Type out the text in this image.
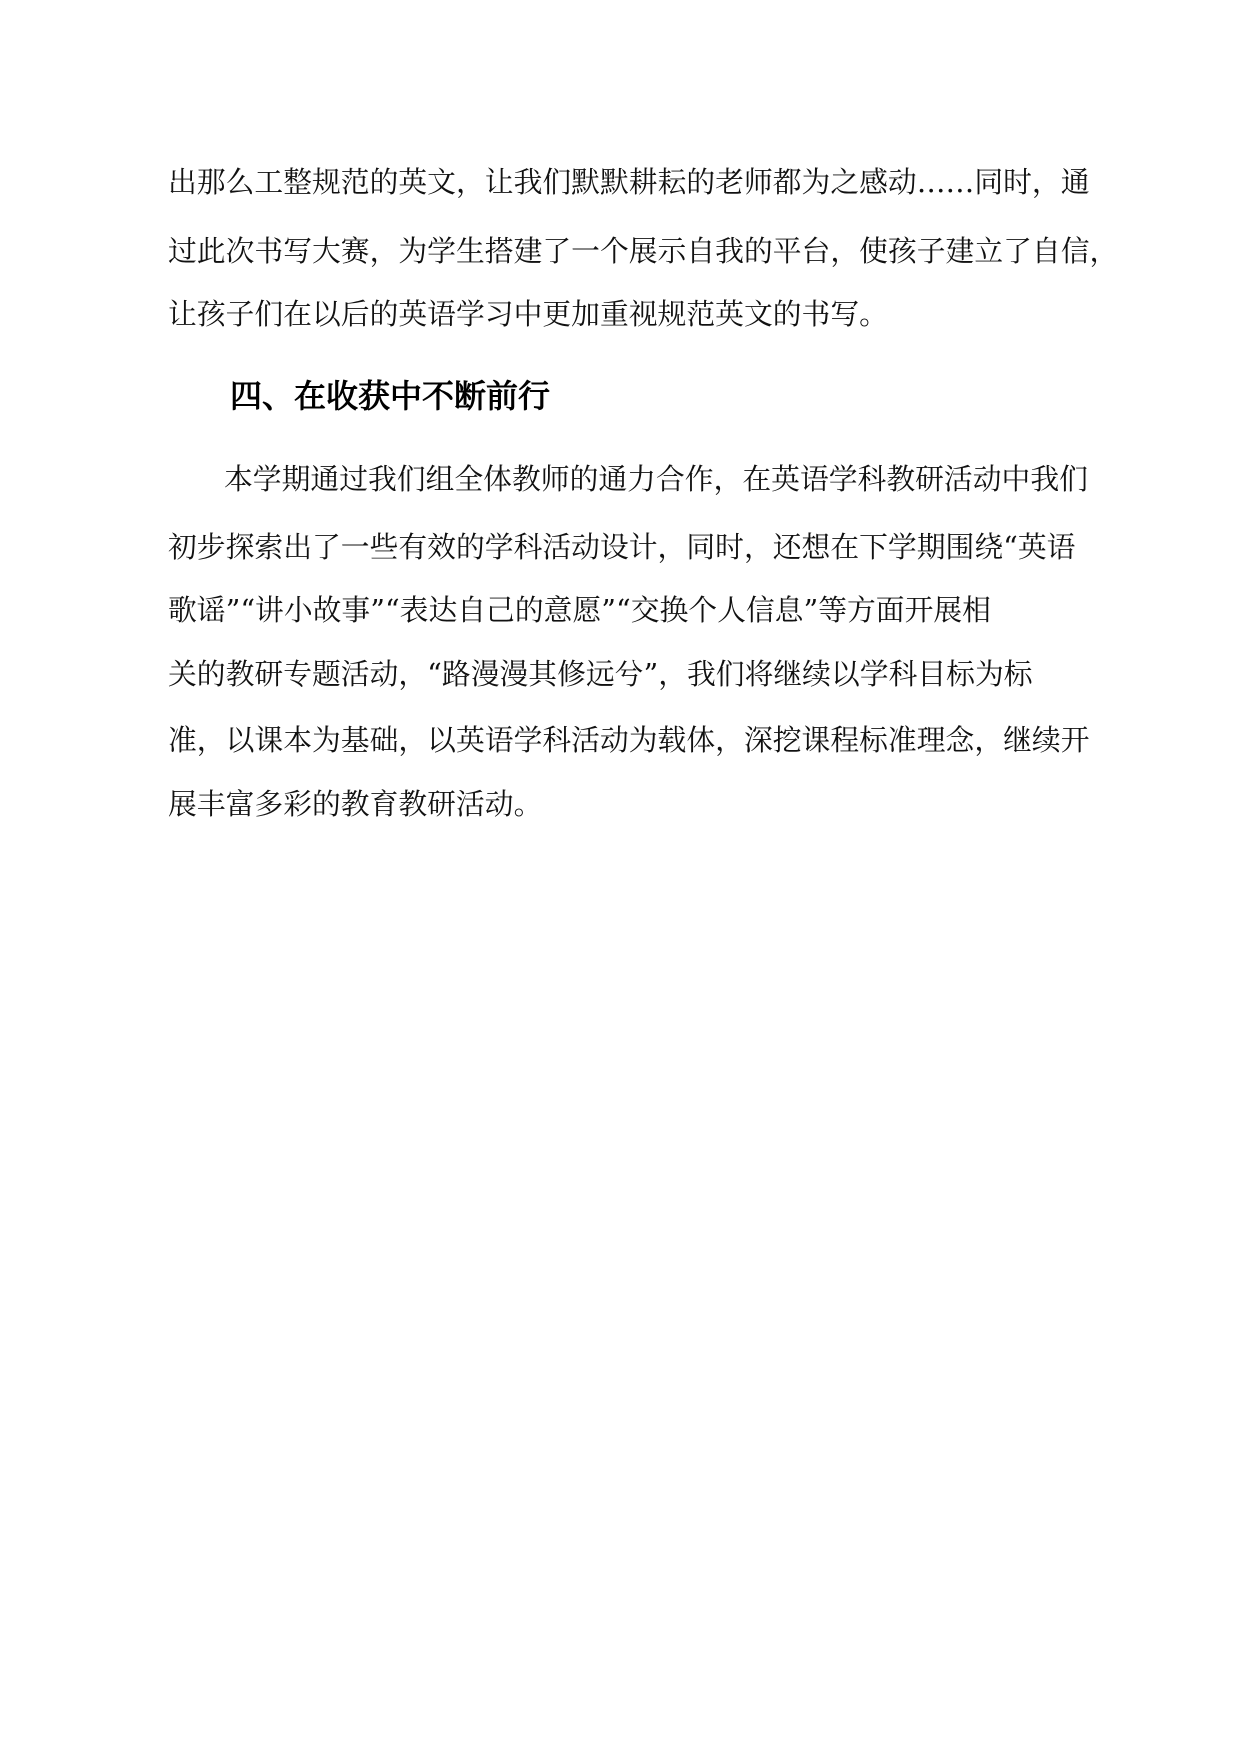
出那么工整规范的英文，让我们默默耕耘的老师都为之感动……同时，通
过此次书写大赛，为学生搭建了一个展示自我的平台，使孩子建立了自信，
让孩子们在以后的英语学习中更加重视规范英文的书写。
四、在收获中不断前行
本学期通过我们组全体教师的通力合作，在英语学科教研活动中我们
初步探索出了一些有效的学科活动设计，同时，还想在下学期围绕“英语
歌谣”“讲小故事”“表达自己的意愿”“交换个人信息”等方面开展相
关的教研专题活动，“路漫漫其修远兮”，我们将继续以学科目标为标
准，以课本为基础，以英语学科活动为载体，深挖课程标准理念，继续开
展丰富多彩的教育教研活动。
